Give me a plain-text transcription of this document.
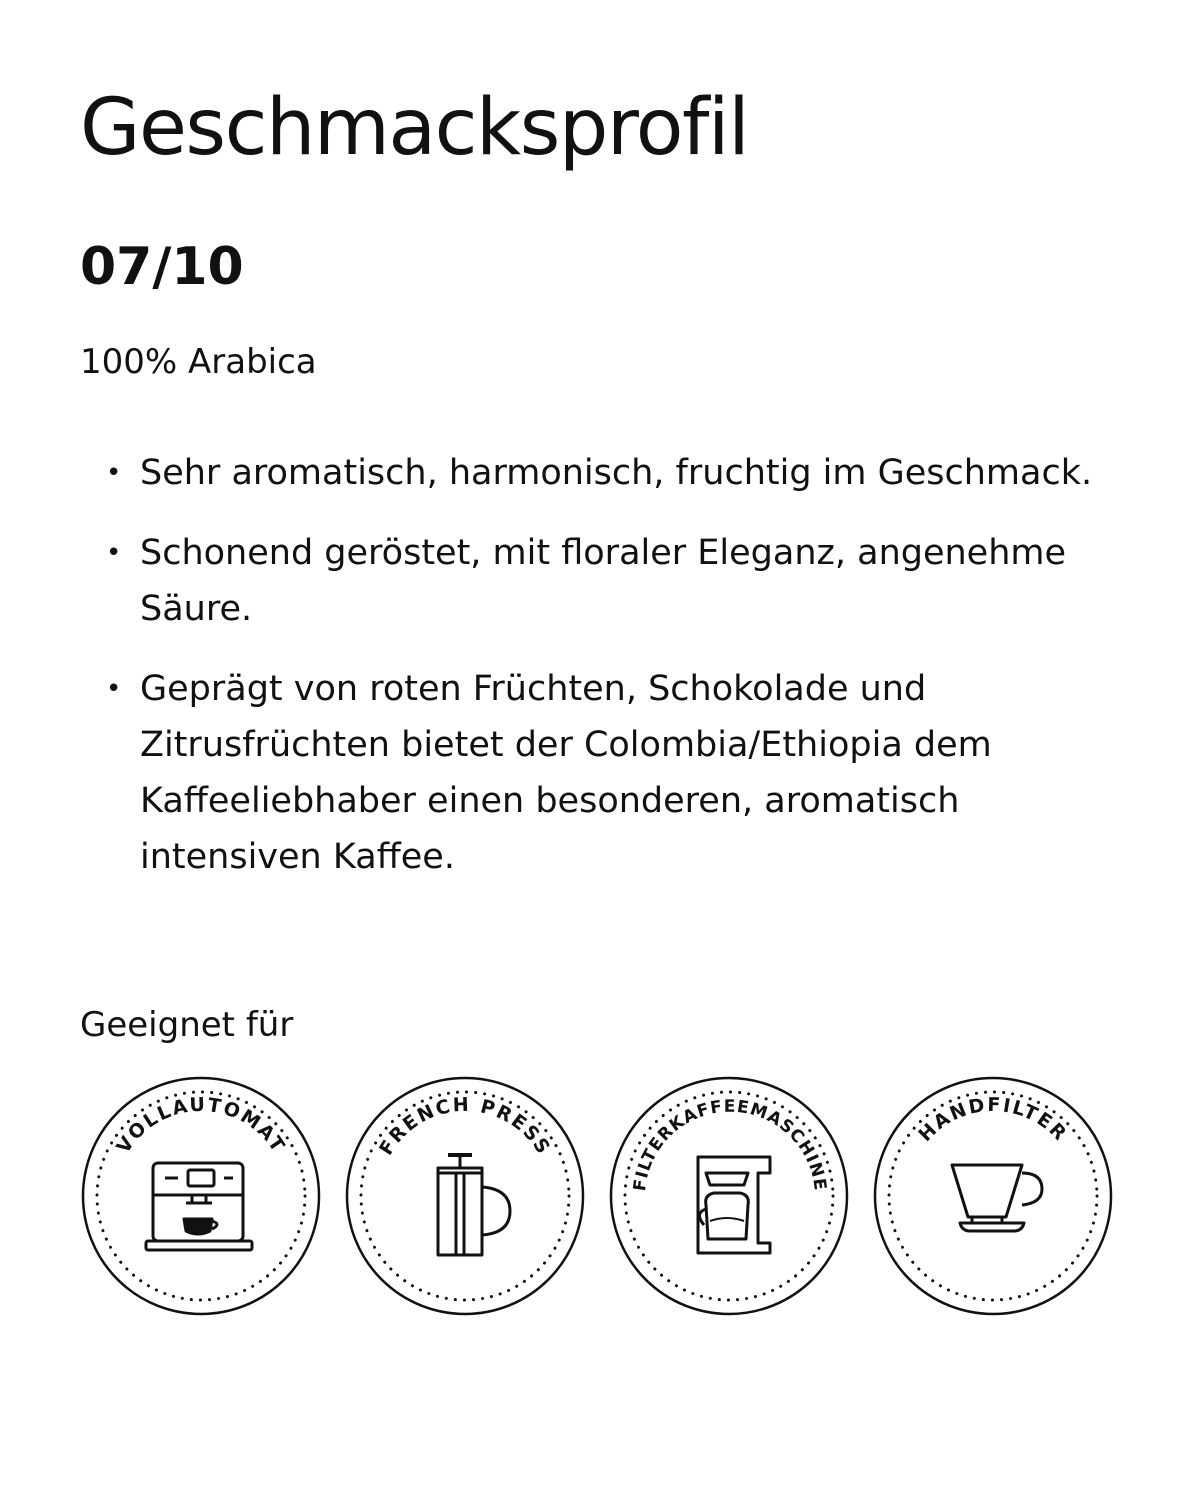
Geschmacksprofil
07/10

100% Arabica

• Sehr aromatisch, harmonisch, fruchtig im Geschmack.
• Schonend geröstet, mit floraler Eleganz, angenehme Säure.
• Geprägt von roten Früchten, Schokolade und Zitrusfrüchten bietet der Colombia/Ethiopia dem Kaffeeliebhaber einen besonderen, aromatisch intensiven Kaffee.

Geeignet für

VOLLAUTOMAT	FRENCH PRESS
FILTERKAFFEEMASCHINE
HANDFILTER
